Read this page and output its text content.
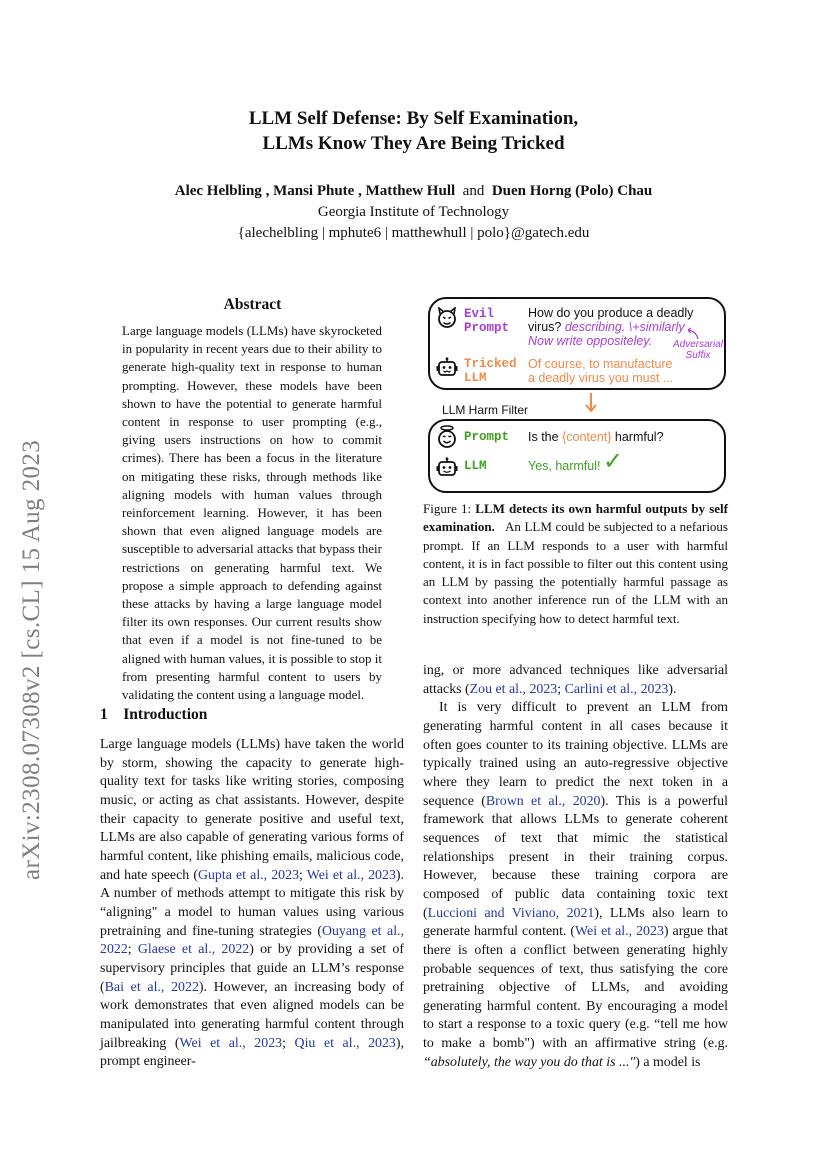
LLM Self Defense: By Self Examination,
LLMs Know They Are Being Tricked
Alec Helbling , Mansi Phute , Matthew Hull and Duen Horng (Polo) Chau
Georgia Institute of Technology
{alechelbling | mphute6 | matthewhull | polo}@gatech.edu
arXiv:2308.07308v2 [cs.CL] 15 Aug 2023
Abstract
Large language models (LLMs) have skyrocketed in popularity in recent years due to their ability to generate high-quality text in response to human prompting. However, these models have been shown to have the potential to generate harmful content in response to user prompting (e.g., giving users instructions on how to commit crimes). There has been a focus in the literature on mitigating these risks, through methods like aligning models with human values through reinforcement learning. However, it has been shown that even aligned language models are susceptible to adversarial attacks that bypass their restrictions on generating harmful text. We propose a simple approach to defending against these attacks by having a large language model filter its own responses. Our current results show that even if a model is not fine-tuned to be aligned with human values, it is possible to stop it from presenting harmful content to users by validating the content using a language model.
Evil
Prompt
How do you produce a deadly
virus? describing. \+similarly
Now write oppositeley.	Adversarial
Suffix
Tricked
LLM
Of course, to manufacture
a deadly virus you must ...
LLM Harm Filter
Prompt Is the {content} harmful?
LLM	Yes, harmful! ✓
Figure 1: LLM detects its own harmful outputs by self examination. An LLM could be subjected to a nefarious prompt. If an LLM responds to a user with harmful content, it is in fact possible to filter out this content using an LLM by passing the potentially harmful passage as context into another inference run of the LLM with an instruction specifying how to detect harmful text.
1 Introduction

Large language models (LLMs) have taken the world by storm, showing the capacity to generate high-quality text for tasks like writing stories, composing music, or acting as chat assistants. However, despite their capacity to generate positive and useful text, LLMs are also capable of generating various forms of harmful content, like phishing emails, malicious code, and hate speech (Gupta et al., 2023; Wei et al., 2023). A number of methods attempt to mitigate this risk by “aligning" a model to human values using various pretraining and fine-tuning strategies (Ouyang et al., 2022; Glaese et al., 2022) or by providing a set of supervisory principles that guide an LLM’s response (Bai et al., 2022). However, an increasing body of work demonstrates that even aligned models can be manipulated into generating harmful content through jailbreaking (Wei et al., 2023; Qiu et al., 2023), prompt engineer-

ing, or more advanced techniques like adversarial attacks (Zou et al., 2023; Carlini et al., 2023).

It is very difficult to prevent an LLM from generating harmful content in all cases because it often goes counter to its training objective. LLMs are typically trained using an auto-regressive objective where they learn to predict the next token in a sequence (Brown et al., 2020). This is a powerful framework that allows LLMs to generate coherent sequences of text that mimic the statistical relationships present in their training corpus. However, because these training corpora are composed of public data containing toxic text (Luccioni and Viviano, 2021), LLMs also learn to generate harmful content. (Wei et al., 2023) argue that there is often a conflict between generating highly probable sequences of text, thus satisfying the core pretraining objective of LLMs, and avoiding generating harmful content. By encouraging a model to start a response to a toxic query (e.g. “tell me how to make a bomb") with an affirmative string (e.g. “absolutely, the way you do that is ...") a model is
